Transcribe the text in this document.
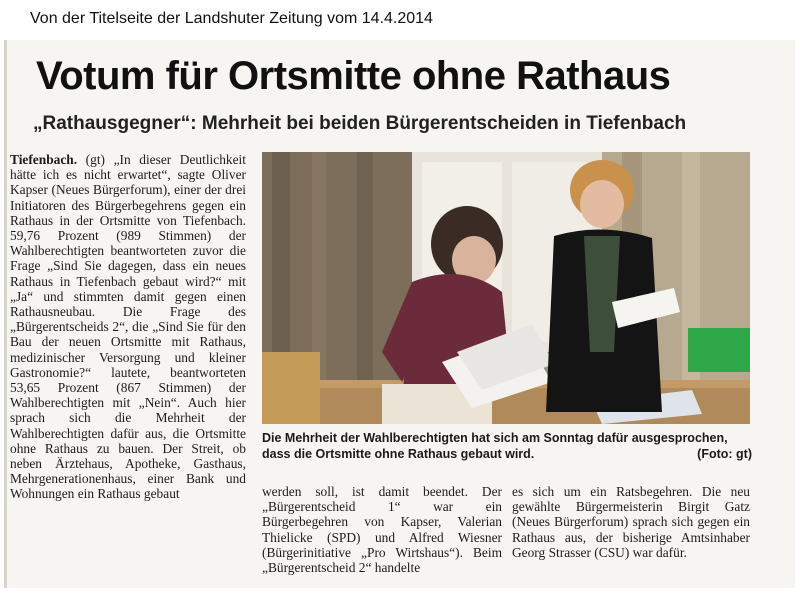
Von der Titelseite der Landshuter Zeitung vom 14.4.2014
Votum für Ortsmitte ohne Rathaus
„Rathausgegner“: Mehrheit bei beiden Bürgerentscheiden in Tiefenbach
Tiefenbach. (gt) „In dieser Deutlichkeit hätte ich es nicht erwartet“, sagte Oliver Kapser (Neues Bürgerforum), einer der drei Initiatoren des Bürgerbegehrens gegen ein Rathaus in der Ortsmitte von Tiefenbach. 59,76 Prozent (989 Stimmen) der Wahlberechtigten beantworteten zuvor die Frage „Sind Sie dagegen, dass ein neues Rathaus in Tiefenbach gebaut wird?“ mit „Ja“ und stimmten damit gegen einen Rathausneubau. Die Frage des „Bürgerentscheids 2“, die „Sind Sie für den Bau der neuen Ortsmitte mit Rathaus, medizinischer Versorgung und kleiner Gastronomie?“ lautete, beantworteten 53,65 Prozent (867 Stimmen) der Wahlberechtigten mit „Nein“. Auch hier sprach sich die Mehrheit der Wahlberechtigten dafür aus, die Ortsmitte ohne Rathaus zu bauen. Der Streit, ob neben Ärztehaus, Apotheke, Gasthaus, Mehrgenerationenhaus, einer Bank und Wohnungen ein Rathaus gebaut
Die Mehrheit der Wahlberechtigten hat sich am Sonntag dafür ausgesprochen, dass die Ortsmitte ohne Rathaus gebaut wird.	(Foto: gt)
werden soll, ist damit beendet. Der „Bürgerentscheid 1“ war ein Bürgerbegehren von Kapser, Valerian Thielicke (SPD) und Alfred Wiesner (Bürgerinitiative „Pro Wirtshaus“). Beim „Bürgerentscheid 2“ handelte
es sich um ein Ratsbegehren. Die neu gewählte Bürgermeisterin Birgit Gatz (Neues Bürgerforum) sprach sich gegen ein Rathaus aus, der bisherige Amtsinhaber Georg Strasser (CSU) war dafür.
